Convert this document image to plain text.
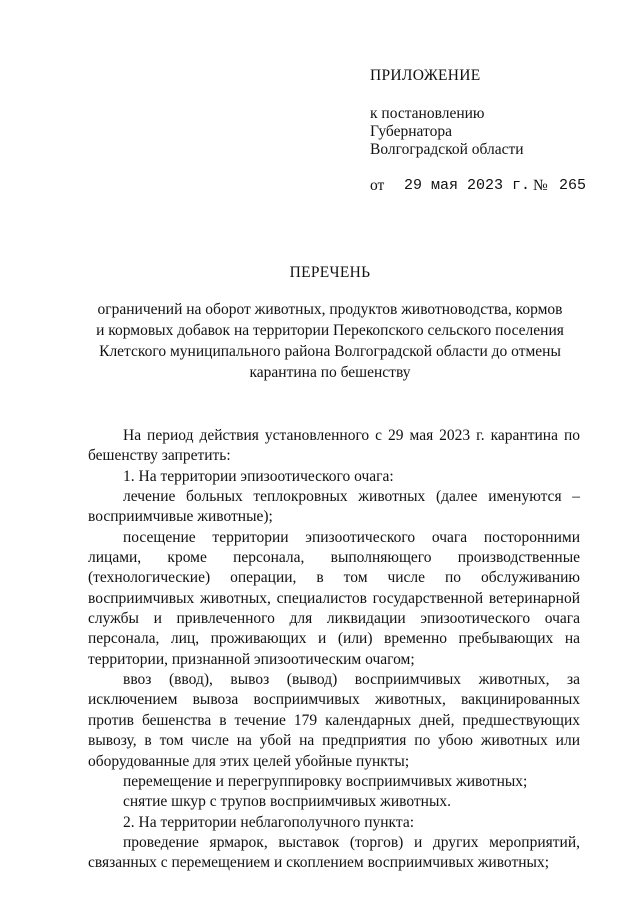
ПРИЛОЖЕНИЕ
к постановлению
Губернатора
Волгоградской области
от 29 мая 2023 г. № 265
ПЕРЕЧЕНЬ
ограничений на оборот животных, продуктов животноводства, кормов
и кормовых добавок на территории Перекопского сельского поселения
Клетского муниципального района Волгоградской области до отмены
карантина по бешенству

На период действия установленного с 29 мая 2023 г. карантина по бешенству запретить:

1. На территории эпизоотического очага:

лечение больных теплокровных животных (далее именуются – восприимчивые животные);

посещение территории эпизоотического очага посторонними лицами, кроме персонала, выполняющего производственные (технологические) операции, в том числе по обслуживанию восприимчивых животных, специалистов государственной ветеринарной службы и привлеченного для ликвидации эпизоотического очага персонала, лиц, проживающих и (или) временно пребывающих на территории, признанной эпизоотическим очагом;

ввоз (ввод), вывоз (вывод) восприимчивых животных, за исключением вывоза восприимчивых животных, вакцинированных против бешенства в течение 179 календарных дней, предшествующих вывозу, в том числе на убой на предприятия по убою животных или оборудованные для этих целей убойные пункты;

перемещение и перегруппировку восприимчивых животных;

снятие шкур с трупов восприимчивых животных.

2. На территории неблагополучного пункта:

проведение ярмарок, выставок (торгов) и других мероприятий, связанных с перемещением и скоплением восприимчивых животных;
